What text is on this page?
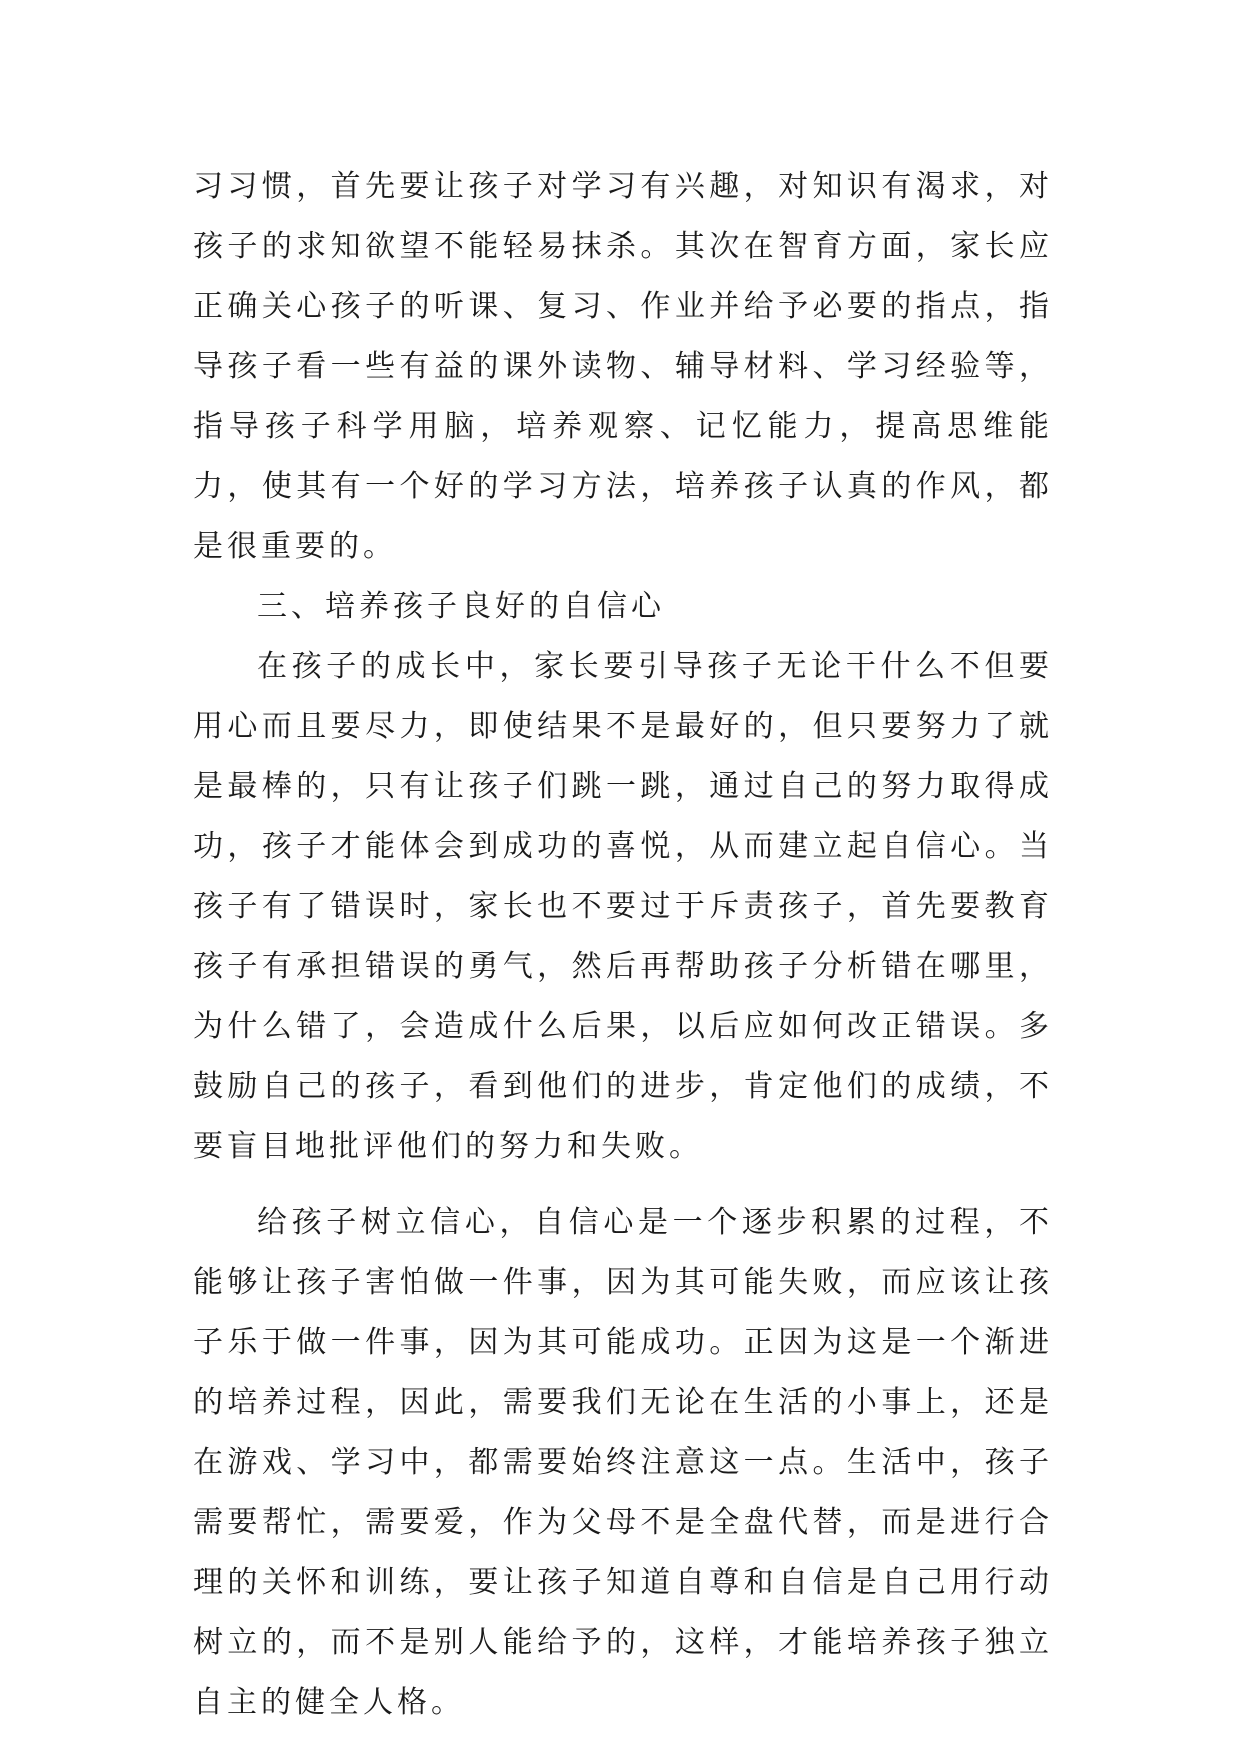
习习惯，首先要让孩子对学习有兴趣，对知识有渴求，对孩子的求知欲望不能轻易抹杀。其次在智育方面，家长应正确关心孩子的听课、复习、作业并给予必要的指点，指导孩子看一些有益的课外读物、辅导材料、学习经验等，指导孩子科学用脑，培养观察、记忆能力，提高思维能力，使其有一个好的学习方法，培养孩子认真的作风，都是很重要的。

三、培养孩子良好的自信心

在孩子的成长中，家长要引导孩子无论干什么不但要用心而且要尽力，即使结果不是最好的，但只要努力了就是最棒的，只有让孩子们跳一跳，通过自己的努力取得成功，孩子才能体会到成功的喜悦，从而建立起自信心。当孩子有了错误时，家长也不要过于斥责孩子，首先要教育孩子有承担错误的勇气，然后再帮助孩子分析错在哪里，为什么错了，会造成什么后果，以后应如何改正错误。多鼓励自己的孩子，看到他们的进步，肯定他们的成绩，不要盲目地批评他们的努力和失败。

给孩子树立信心，自信心是一个逐步积累的过程，不能够让孩子害怕做一件事，因为其可能失败，而应该让孩子乐于做一件事，因为其可能成功。正因为这是一个渐进的培养过程，因此，需要我们无论在生活的小事上，还是在游戏、学习中，都需要始终注意这一点。生活中，孩子需要帮忙，需要爱，作为父母不是全盘代替，而是进行合理的关怀和训练，要让孩子知道自尊和自信是自己用行动树立的，而不是别人能给予的，这样，才能培养孩子独立自主的健全人格。
